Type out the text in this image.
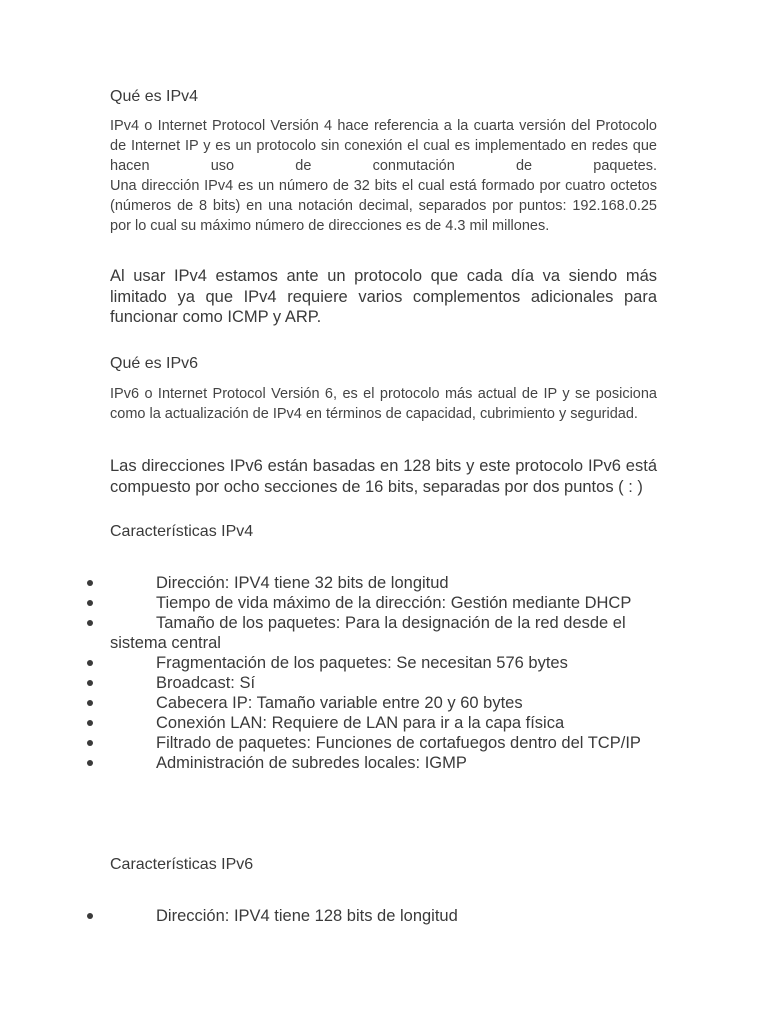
Qué es IPv4

IPv4 o Internet Protocol Versión 4 hace referencia a la cuarta versión del Protocolo de Internet IP y es un protocolo sin conexión el cual es implementado en redes que hacen uso de conmutación de paquetes.
Una dirección IPv4 es un número de 32 bits el cual está formado por cuatro octetos (números de 8 bits) en una notación decimal, separados por puntos: 192.168.0.25 por lo cual su máximo número de direcciones es de 4.3 mil millones.

Al usar IPv4 estamos ante un protocolo que cada día va siendo más limitado ya que IPv4 requiere varios complementos adicionales para funcionar como ICMP y ARP.

Qué es IPv6

IPv6 o Internet Protocol Versión 6, es el protocolo más actual de IP y se posiciona como la actualización de IPv4 en términos de capacidad, cubrimiento y seguridad.

Las direcciones IPv6 están basadas en 128 bits y este protocolo IPv6 está compuesto por ocho secciones de 16 bits, separadas por dos puntos ( : )

Características IPv4

Dirección: IPV4 tiene 32 bits de longitud
Tiempo de vida máximo de la dirección: Gestión mediante DHCP
Tamaño de los paquetes: Para la designación de la red desde el
sistema central
Fragmentación de los paquetes: Se necesitan 576 bytes
Broadcast: Sí
Cabecera IP: Tamaño variable entre 20 y 60 bytes
Conexión LAN: Requiere de LAN para ir a la capa física
Filtrado de paquetes: Funciones de cortafuegos dentro del TCP/IP
Administración de subredes locales: IGMP

Características IPv6

Dirección: IPV4 tiene 128 bits de longitud
